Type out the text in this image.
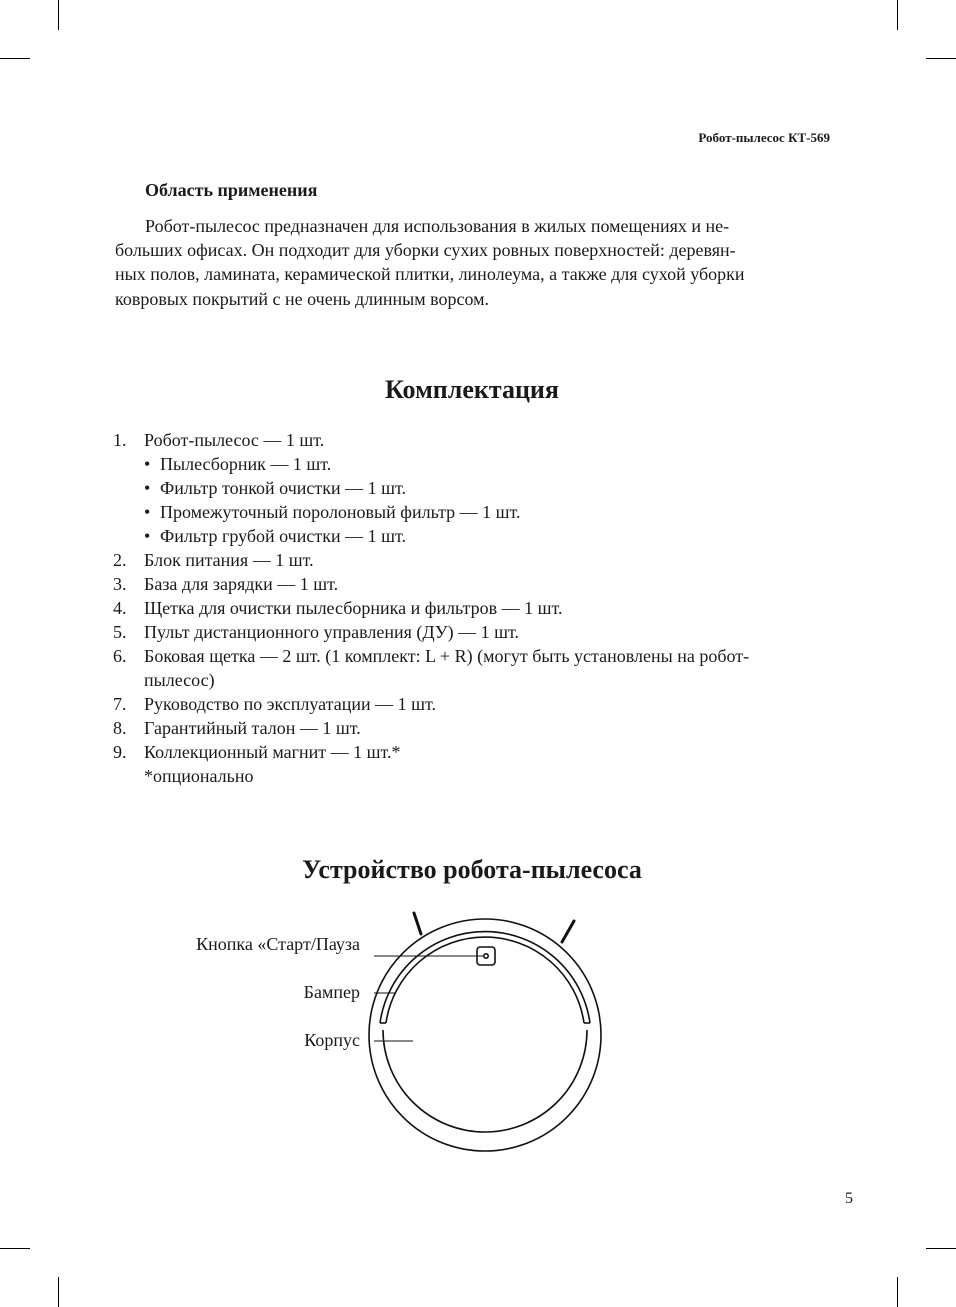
Робот-пылесос КТ-569
Область применения

Робот-пылесос предназначен для использования в жилых помещениях и не-
больших офисах. Он подходит для уборки сухих ровных поверхностей: деревян-
ных полов, ламината, керамической плитки, линолеума, а также для сухой уборки
ковровых покрытий с не очень длинным ворсом.

Комплектация
1. Робот-пылесос — 1 шт.
• Пылесборник — 1 шт.
• Фильтр тонкой очистки — 1 шт.
• Промежуточный поролоновый фильтр — 1 шт.
• Фильтр грубой очистки — 1 шт.
2. Блок питания — 1 шт.
3. База для зарядки — 1 шт.
4. Щетка для очистки пылесборника и фильтров — 1 шт.
5. Пульт дистанционного управления (ДУ) — 1 шт.
6. Боковая щетка — 2 шт. (1 комплект: L + R) (могут быть установлены на робот-
пылесос)
7. Руководство по эксплуатации — 1 шт.
8. Гарантийный талон — 1 шт.
9. Коллекционный магнит — 1 шт.*
*опционально
Устройство робота-пылесоса
Кнопка «Старт/Пауза
Бампер
Корпус
5
